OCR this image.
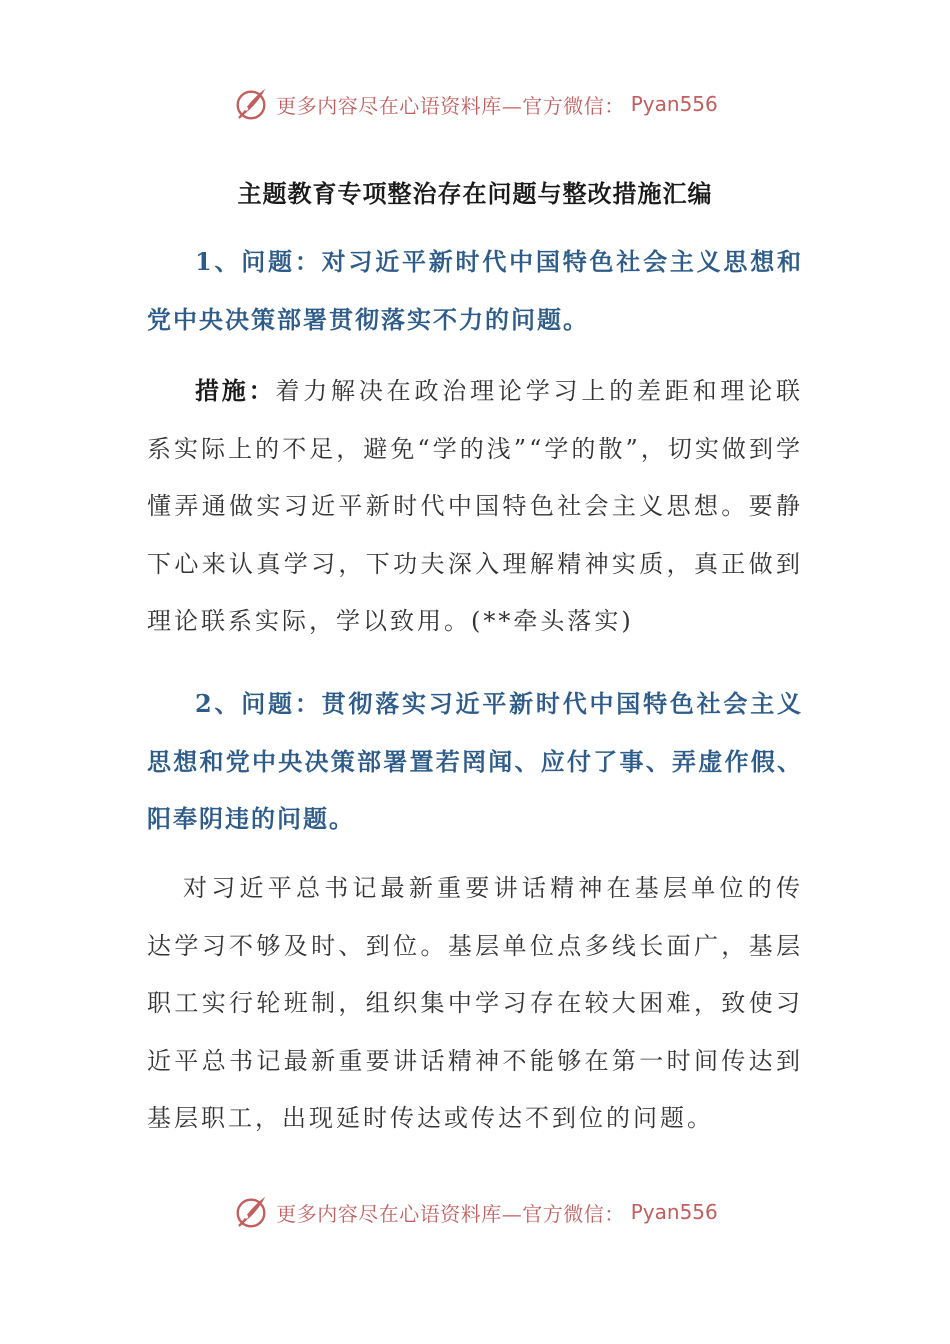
更多内容尽在心语资料库—官方微信： Pyan556
主题教育专项整治存在问题与整改措施汇编

1、问题：对习近平新时代中国特色社会主义思想和党中央决策部署贯彻落实不力的问题。

措施：着力解决在政治理论学习上的差距和理论联系实际上的不足，避免“学的浅”“学的散”，切实做到学懂弄通做实习近平新时代中国特色社会主义思想。要静下心来认真学习，下功夫深入理解精神实质，真正做到理论联系实际，学以致用。(**牵头落实)

2、问题：贯彻落实习近平新时代中国特色社会主义思想和党中央决策部署置若罔闻、应付了事、弄虚作假、阳奉阴违的问题。

对习近平总书记最新重要讲话精神在基层单位的传达学习不够及时、到位。基层单位点多线长面广，基层职工实行轮班制，组织集中学习存在较大困难，致使习近平总书记最新重要讲话精神不能够在第一时间传达到基层职工，出现延时传达或传达不到位的问题。

更多内容尽在心语资料库—官方微信： Pyan556
